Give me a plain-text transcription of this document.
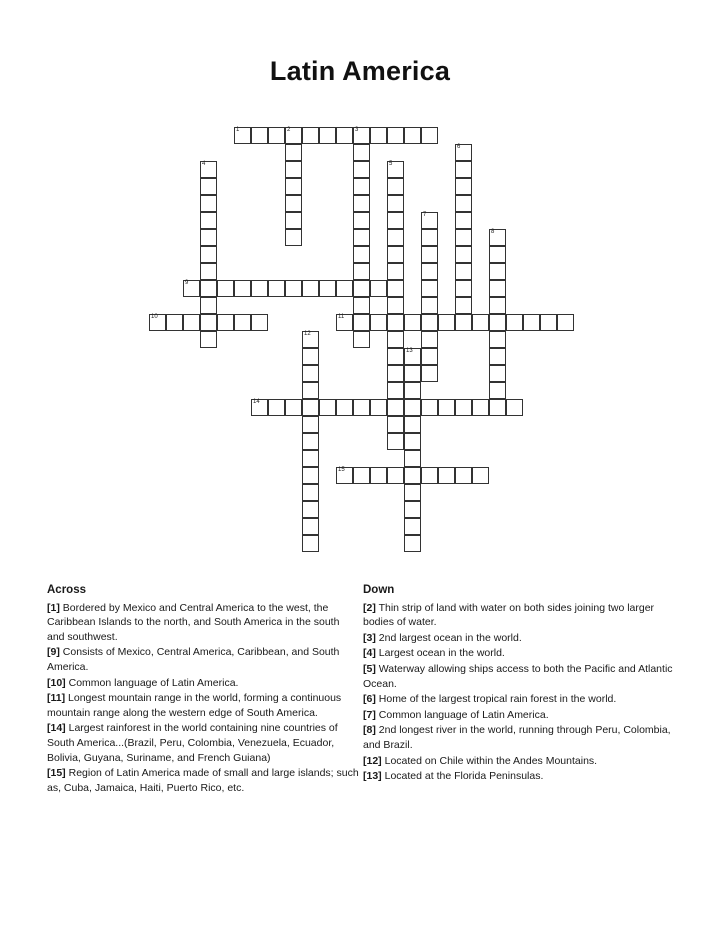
Latin America
1	2	3
9
10	11
14
15
4	5
6
7
8
12
13
Across
[1] Bordered by Mexico and Central America to the west, the Caribbean Islands to the north, and South America in the south and southwest.
[9] Consists of Mexico, Central America, Caribbean, and South America.
[10] Common language of Latin America.
[11] Longest mountain range in the world, forming a continuous mountain range along the western edge of South America.
[14] Largest rainforest in the world containing nine countries of South America...(Brazil, Peru, Colombia, Venezuela, Ecuador, Bolivia, Guyana, Suriname, and French Guiana)
[15] Region of Latin America made of small and large islands; such as, Cuba, Jamaica, Haiti, Puerto Rico, etc.
Down
[2] Thin strip of land with water on both sides joining two larger bodies of water.
[3] 2nd largest ocean in the world.
[4] Largest ocean in the world.
[5] Waterway allowing ships access to both the Pacific and Atlantic Ocean.
[6] Home of the largest tropical rain forest in the world.
[7] Common language of Latin America.
[8] 2nd longest river in the world, running through Peru, Colombia, and Brazil.
[12] Located on Chile within the Andes Mountains.
[13] Located at the Florida Peninsulas.
